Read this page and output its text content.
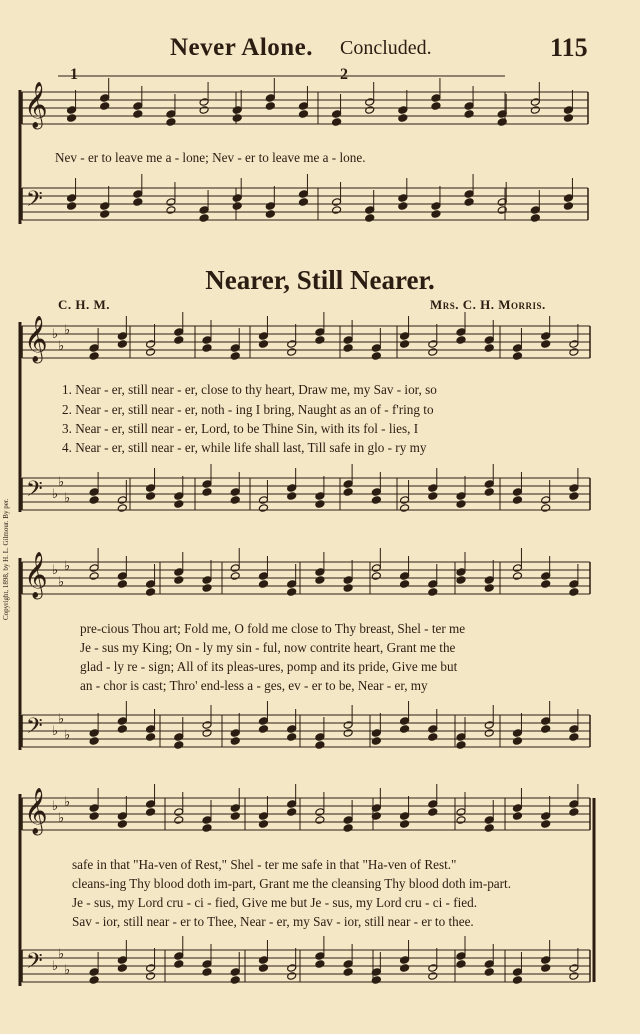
Never Alone. Concluded.	115
1	2
Nev - er to leave me a - lone; Nev - er to leave me a - lone.
Nearer, Still Nearer.
C. H. M.	Mrs. C. H. Morris.
Copyright, 1898, by H. L. Gilmour. By per.
1. Near - er, still near - er, close to thy heart, Draw me, my Sav - ior, so
2. Near - er, still near - er, noth - ing I bring, Naught as an of - f'ring to
3. Near - er, still near - er, Lord, to be Thine Sin, with its fol - lies, I
4. Near - er, still near - er, while life shall last, Till safe in glo - ry my
pre-cious Thou art; Fold me, O fold me close to Thy breast, Shel - ter me
Je - sus my King; On - ly my sin - ful, now contrite heart, Grant me the
glad - ly re - sign; All of its pleas-ures, pomp and its pride, Give me but
an - chor is cast; Thro' end-less a - ges, ev - er to be, Near - er, my
safe in that "Ha-ven of Rest," Shel - ter me safe in that "Ha-ven of Rest."
cleans-ing Thy blood doth im-part, Grant me the cleansing Thy blood doth im-part.
Je - sus, my Lord cru - ci - fied, Give me but Je - sus, my Lord cru - ci - fied.
Sav - ior, still near - er to Thee, Near - er, my Sav - ior, still near - er to thee.
𝄞
𝄢
𝄞
𝄢
♭
♭
♭
♭
♭
♭
𝄞
𝄢
♭
♭
♭
♭
♭
♭
𝄞
𝄢
♭
♭
♭
♭
♭
♭
